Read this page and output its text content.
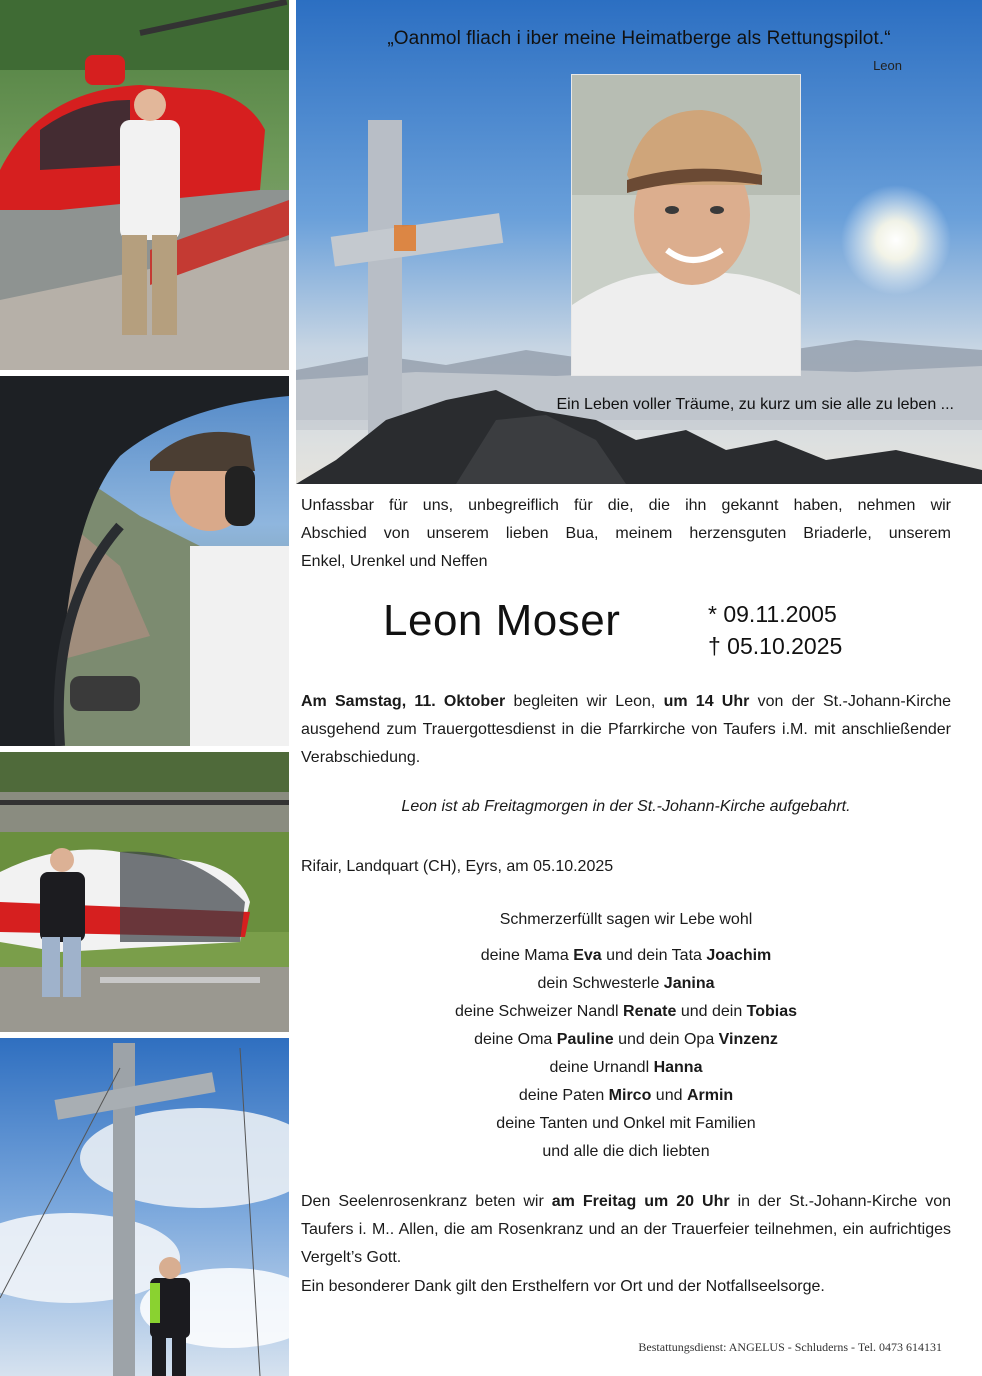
„Oanmol fliach i iber meine Heimatberge als Rettungspilot.“
Leon
Ein Leben voller Träume, zu kurz um sie alle zu leben ...
Unfassbar für uns, unbegreiflich für die, die ihn gekannt haben, nehmen wir
Abschied von unserem lieben Bua, meinem herzensguten Briaderle, unserem
Enkel, Urenkel und Neffen
Leon Moser	* 09.11.2005
† 05.10.2025
Am Samstag, 11. Oktober begleiten wir Leon, um 14 Uhr von der St.-Johann-Kirche ausgehend zum Trauergottesdienst in die Pfarrkirche von Taufers i.M. mit anschließender Verabschiedung.
Leon ist ab Freitagmorgen in der St.-Johann-Kirche aufgebahrt.
Rifair, Landquart (CH), Eyrs, am 05.10.2025
Schmerzerfüllt sagen wir Lebe wohl
deine Mama Eva und dein Tata Joachim
dein Schwesterle Janina
deine Schweizer Nandl Renate und dein Tobias
deine Oma Pauline und dein Opa Vinzenz
deine Urnandl Hanna
deine Paten Mirco und Armin
deine Tanten und Onkel mit Familien
und alle die dich liebten
Den Seelenrosenkranz beten wir am Freitag um 20 Uhr in der St.-Johann-Kirche von Taufers i. M.. Allen, die am Rosenkranz und an der Trauerfeier teilnehmen, ein aufrichtiges Vergelt’s Gott.
Ein besonderer Dank gilt den Ersthelfern vor Ort und der Notfallseelsorge.
Bestattungsdienst: ANGELUS - Schluderns - Tel. 0473 614131
